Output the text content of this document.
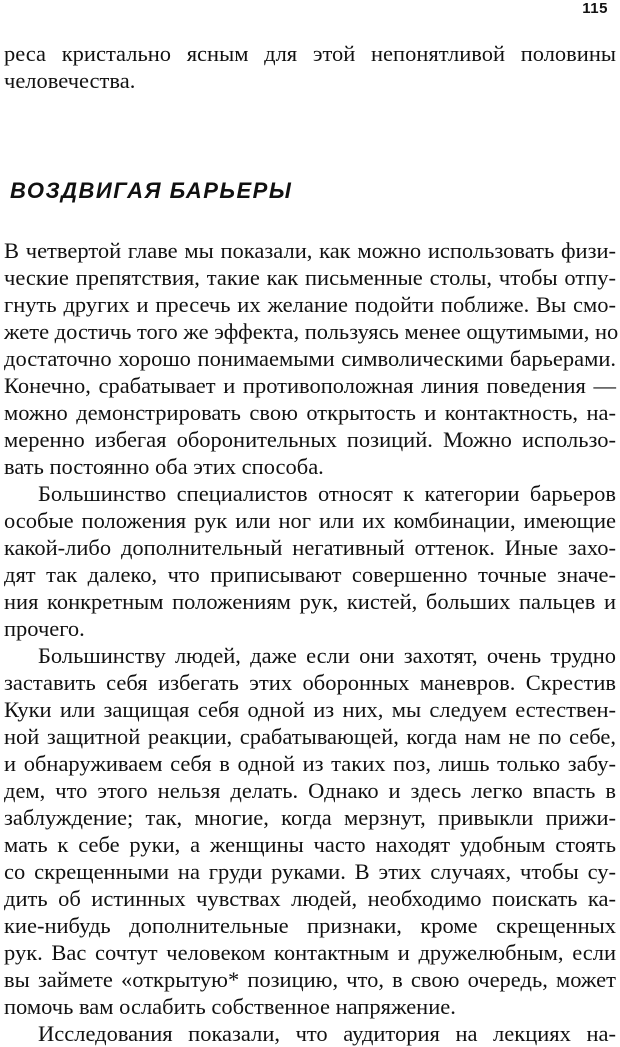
115
реса кристально ясным для этой непонятливой половины
человечества.
ВОЗДВИГАЯ БАРЬЕРЫ
В четвертой главе мы показали, как можно использовать физи-
ческие препятствия, такие как письменные столы, чтобы отпу-
гнуть других и пресечь их желание подойти поближе. Вы смо-
жете достичь того же эффекта, пользуясь менее ощутимыми, но
достаточно хорошо понимаемыми символическими барьерами.
Конечно, срабатывает и противоположная линия поведения —
можно демонстрировать свою открытость и контактность, на-
меренно избегая оборонительных позиций. Можно использо-
вать постоянно оба этих способа.
Большинство специалистов относят к категории барьеров
особые положения рук или ног или их комбинации, имеющие
какой-либо дополнительный негативный оттенок. Иные захо-
дят так далеко, что приписывают совершенно точные значе-
ния конкретным положениям рук, кистей, больших пальцев и
прочего.
Большинству людей, даже если они захотят, очень трудно
заставить себя избегать этих оборонных маневров. Скрестив
Куки или защищая себя одной из них, мы следуем естествен-
ной защитной реакции, срабатывающей, когда нам не по себе,
и обнаруживаем себя в одной из таких поз, лишь только забу-
дем, что этого нельзя делать. Однако и здесь легко впасть в
заблуждение; так, многие, когда мерзнут, привыкли прижи-
мать к себе руки, а женщины часто находят удобным стоять
со скрещенными на груди руками. В этих случаях, чтобы су-
дить об истинных чувствах людей, необходимо поискать ка-
кие-нибудь дополнительные признаки, кроме скрещенных
рук. Вас сочтут человеком контактным и дружелюбным, если
вы займете «открытую* позицию, что, в свою очередь, может
помочь вам ослабить собственное напряжение.
Исследования показали, что аудитория на лекциях на-
